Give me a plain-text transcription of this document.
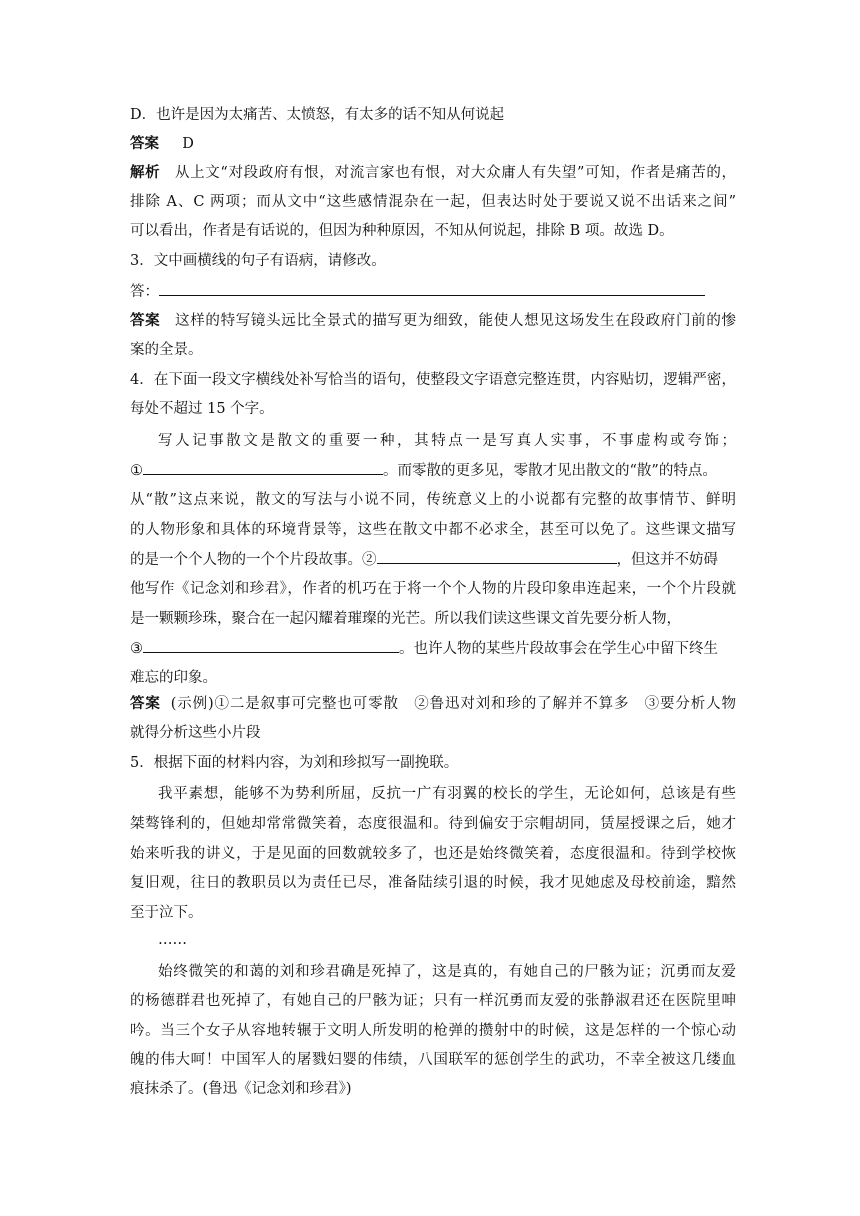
D．也许是因为太痛苦、太愤怒，有太多的话不知从何说起
答案 D
解析 从上文“对段政府有恨，对流言家也有恨，对大众庸人有失望”可知，作者是痛苦的，
排除 A、C 两项；而从文中“这些感情混杂在一起，但表达时处于要说又说不出话来之间”
可以看出，作者是有话说的，但因为种种原因，不知从何说起，排除 B 项。故选 D。
3．文中画横线的句子有语病，请修改。
答：
答案 这样的特写镜头远比全景式的描写更为细致，能使人想见这场发生在段政府门前的惨
案的全景。
4．在下面一段文字横线处补写恰当的语句，使整段文字语意完整连贯，内容贴切，逻辑严密，
每处不超过 15 个字。
写人记事散文是散文的重要一种，其特点一是写真人实事，不事虚构或夸饰；
①	。而零散的更多见，零散才见出散文的“散”的特点。
从“散”这点来说，散文的写法与小说不同，传统意义上的小说都有完整的故事情节、鲜明
的人物形象和具体的环境背景等，这些在散文中都不必求全，甚至可以免了。这些课文描写
的是一个个人物的一个个片段故事。②	，但这并不妨碍
他写作《记念刘和珍君》，作者的机巧在于将一个个人物的片段印象串连起来，一个个片段就
是一颗颗珍珠，聚合在一起闪耀着璀璨的光芒。所以我们读这些课文首先要分析人物，
③	。也许人物的某些片段故事会在学生心中留下终生
难忘的印象。
答案 (示例)①二是叙事可完整也可零散　②鲁迅对刘和珍的了解并不算多　③要分析人物
就得分析这些小片段
5．根据下面的材料内容，为刘和珍拟写一副挽联。
我平素想，能够不为势利所屈，反抗一广有羽翼的校长的学生，无论如何，总该是有些
桀骜锋利的，但她却常常微笑着，态度很温和。待到偏安于宗帽胡同，赁屋授课之后，她才
始来听我的讲义，于是见面的回数就较多了，也还是始终微笑着，态度很温和。待到学校恢
复旧观，往日的教职员以为责任已尽，准备陆续引退的时候，我才见她虑及母校前途，黯然
至于泣下。
……
始终微笑的和蔼的刘和珍君确是死掉了，这是真的，有她自己的尸骸为证；沉勇而友爱
的杨德群君也死掉了，有她自己的尸骸为证；只有一样沉勇而友爱的张静淑君还在医院里呻
吟。当三个女子从容地转辗于文明人所发明的枪弹的攒射中的时候，这是怎样的一个惊心动
魄的伟大呵！中国军人的屠戮妇婴的伟绩，八国联军的惩创学生的武功，不幸全被这几缕血
痕抹杀了。(鲁迅《记念刘和珍君》)
